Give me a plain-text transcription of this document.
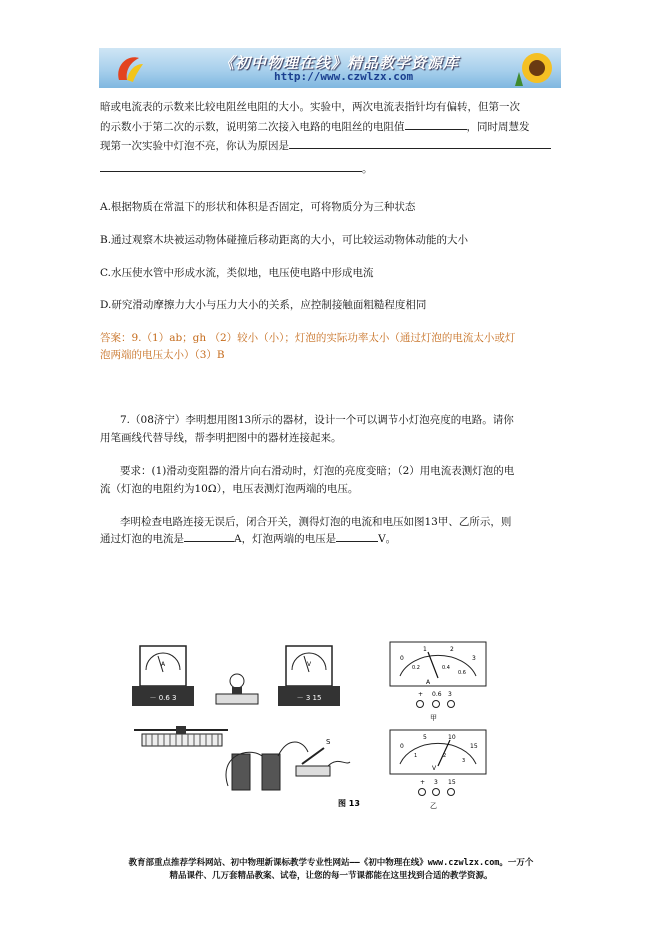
《初中物理在线》精品教学资源库
http://www.czwlzx.com
暗或电流表的示数来比较电阻丝电阻的大小。实验中，两次电流表指针均有偏转，但第一次
的示数小于第二次的示数，说明第二次接入电路的电阻丝的电阻值	，同时周慧发
现第一次实验中灯泡不亮，你认为原因是
。
A.根据物质在常温下的形状和体积是否固定，可将物质分为三种状态
B.通过观察木块被运动物体碰撞后移动距离的大小，可比较运动物体动能的大小
C.水压使水管中形成水流，类似地，电压使电路中形成电流
D.研究滑动摩擦力大小与压力大小的关系，应控制接触面粗糙程度相同
答案：9.（1）ab；gh （2）较小（小）；灯泡的实际功率太小（通过灯泡的电流太小或灯
泡两端的电压太小）（3）B
7.（08济宁）李明想用图13所示的器材，设计一个可以调节小灯泡亮度的电路。请你
用笔画线代替导线，帮李明把图中的器材连接起来。
要求：(1)滑动变阻器的滑片向右滑动时，灯泡的亮度变暗；（2）用电流表测灯泡的电
流（灯泡的电阻约为10Ω），电压表测灯泡两端的电压。
李明检查电路连接无误后，闭合开关，测得灯泡的电流和电压如图13甲、乙所示，则
通过灯泡的电流是	A，灯泡两端的电压是	V。
A
－ 0.6 3
V
－ 3 15
S
图 13
0
1	2
3
0.2	0.4
0.6
A
+ 0.6 3
甲
0
5	10
15
1	2
3
V
+ 3 15
乙
教育部重点推荐学科网站、初中物理新课标教学专业性网站——《初中物理在线》www.czwlzx.com。一万个
精品课件、几万套精品教案、试卷，让您的每一节课都能在这里找到合适的教学资源。
